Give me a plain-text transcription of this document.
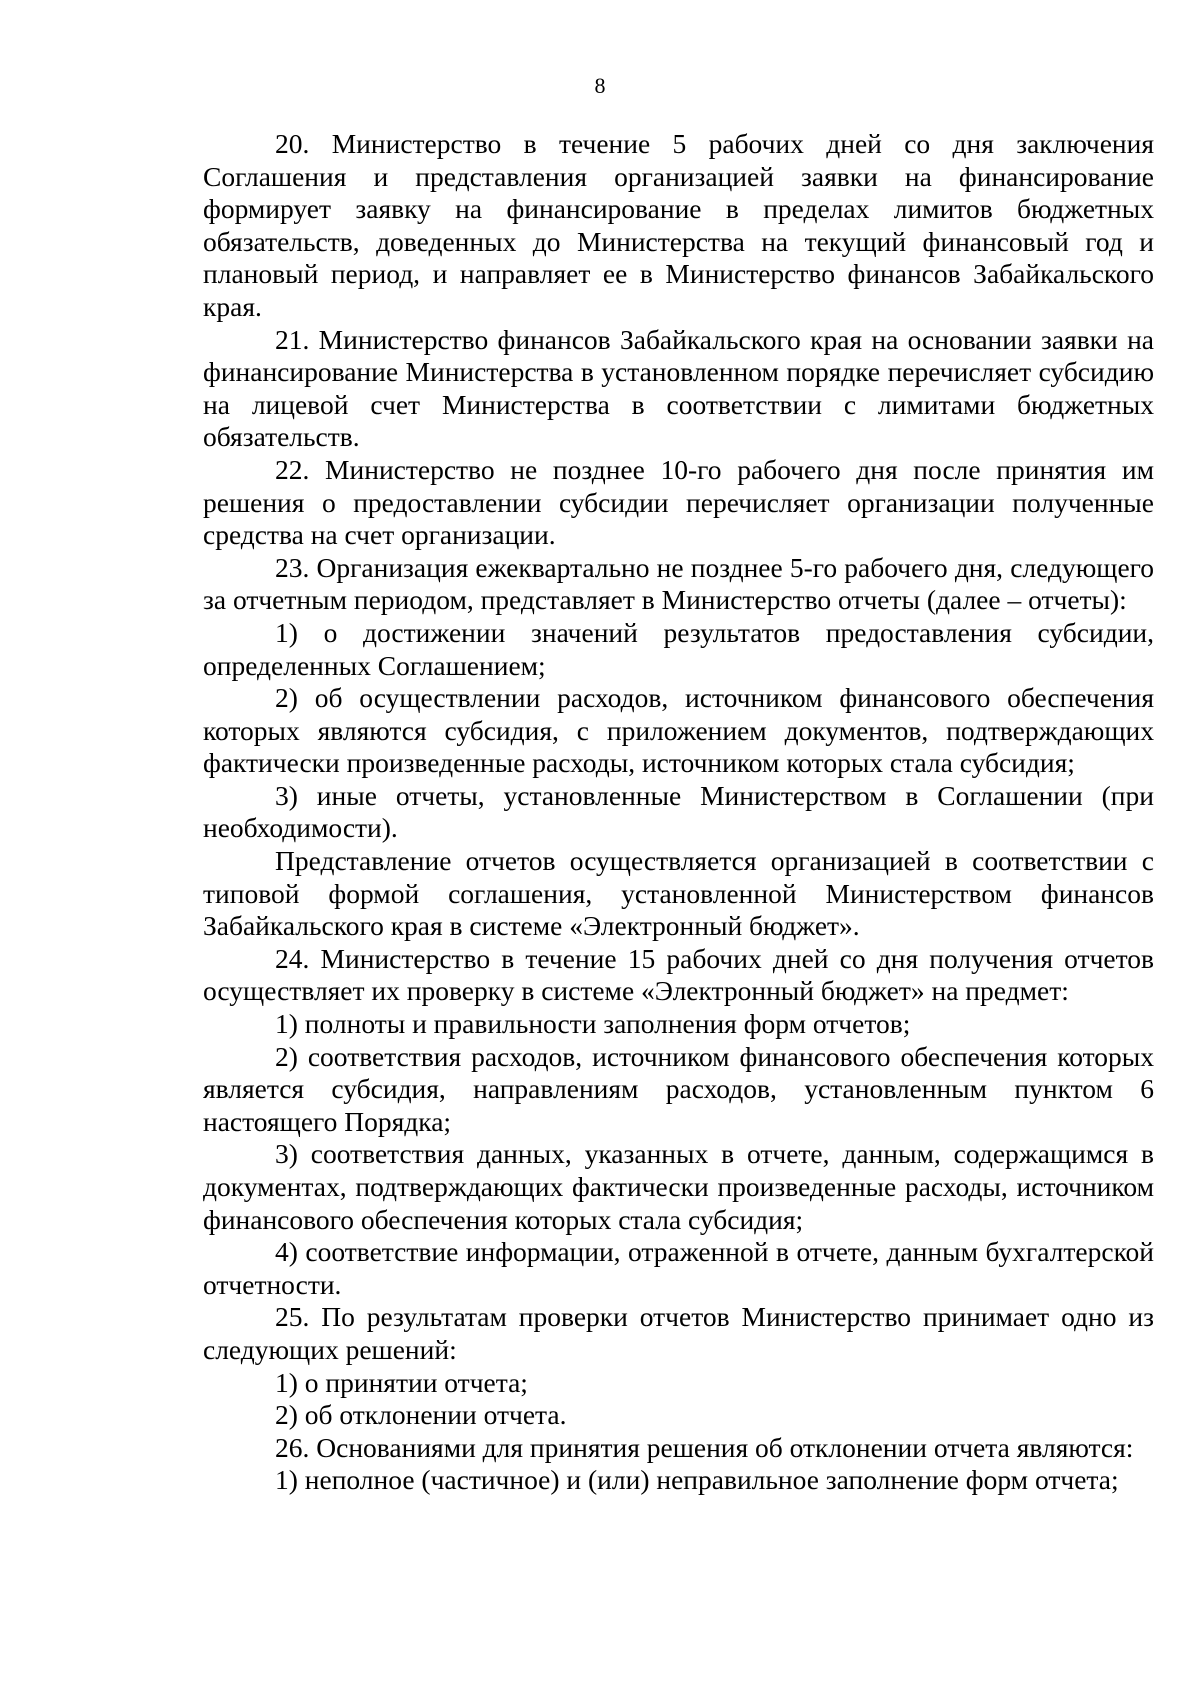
8

20. Министерство в течение 5 рабочих дней со дня заключения Соглашения и представления организацией заявки на финансирование формирует заявку на финансирование в пределах лимитов бюджетных обязательств, доведенных до Министерства на текущий финансовый год и плановый период, и направляет ее в Министерство финансов Забайкальского края.

21. Министерство финансов Забайкальского края на основании заявки на финансирование Министерства в установленном порядке перечисляет субсидию на лицевой счет Министерства в соответствии с лимитами бюджетных обязательств.

22. Министерство не позднее 10-го рабочего дня после принятия им решения о предоставлении субсидии перечисляет организации полученные средства на счет организации.

23. Организация ежеквартально не позднее 5-го рабочего дня, следующего за отчетным периодом, представляет в Министерство отчеты (далее – отчеты):

1) о достижении значений результатов предоставления субсидии, определенных Соглашением;

2) об осуществлении расходов, источником финансового обеспечения которых являются субсидия, с приложением документов, подтверждающих фактически произведенные расходы, источником которых стала субсидия;

3) иные отчеты, установленные Министерством в Соглашении (при необходимости).

Представление отчетов осуществляется организацией в соответствии с типовой формой соглашения, установленной Министерством финансов Забайкальского края в системе «Электронный бюджет».

24. Министерство в течение 15 рабочих дней со дня получения отчетов осуществляет их проверку в системе «Электронный бюджет» на предмет:

1) полноты и правильности заполнения форм отчетов;

2) соответствия расходов, источником финансового обеспечения которых является субсидия, направлениям расходов, установленным пунктом 6 настоящего Порядка;

3) соответствия данных, указанных в отчете, данным, содержащимся в документах, подтверждающих фактически произведенные расходы, источником финансового обеспечения которых стала субсидия;

4) соответствие информации, отраженной в отчете, данным бухгалтерской отчетности.

25. По результатам проверки отчетов Министерство принимает одно из следующих решений:

1) о принятии отчета;

2) об отклонении отчета.

26. Основаниями для принятия решения об отклонении отчета являются:

1) неполное (частичное) и (или) неправильное заполнение форм отчета;
